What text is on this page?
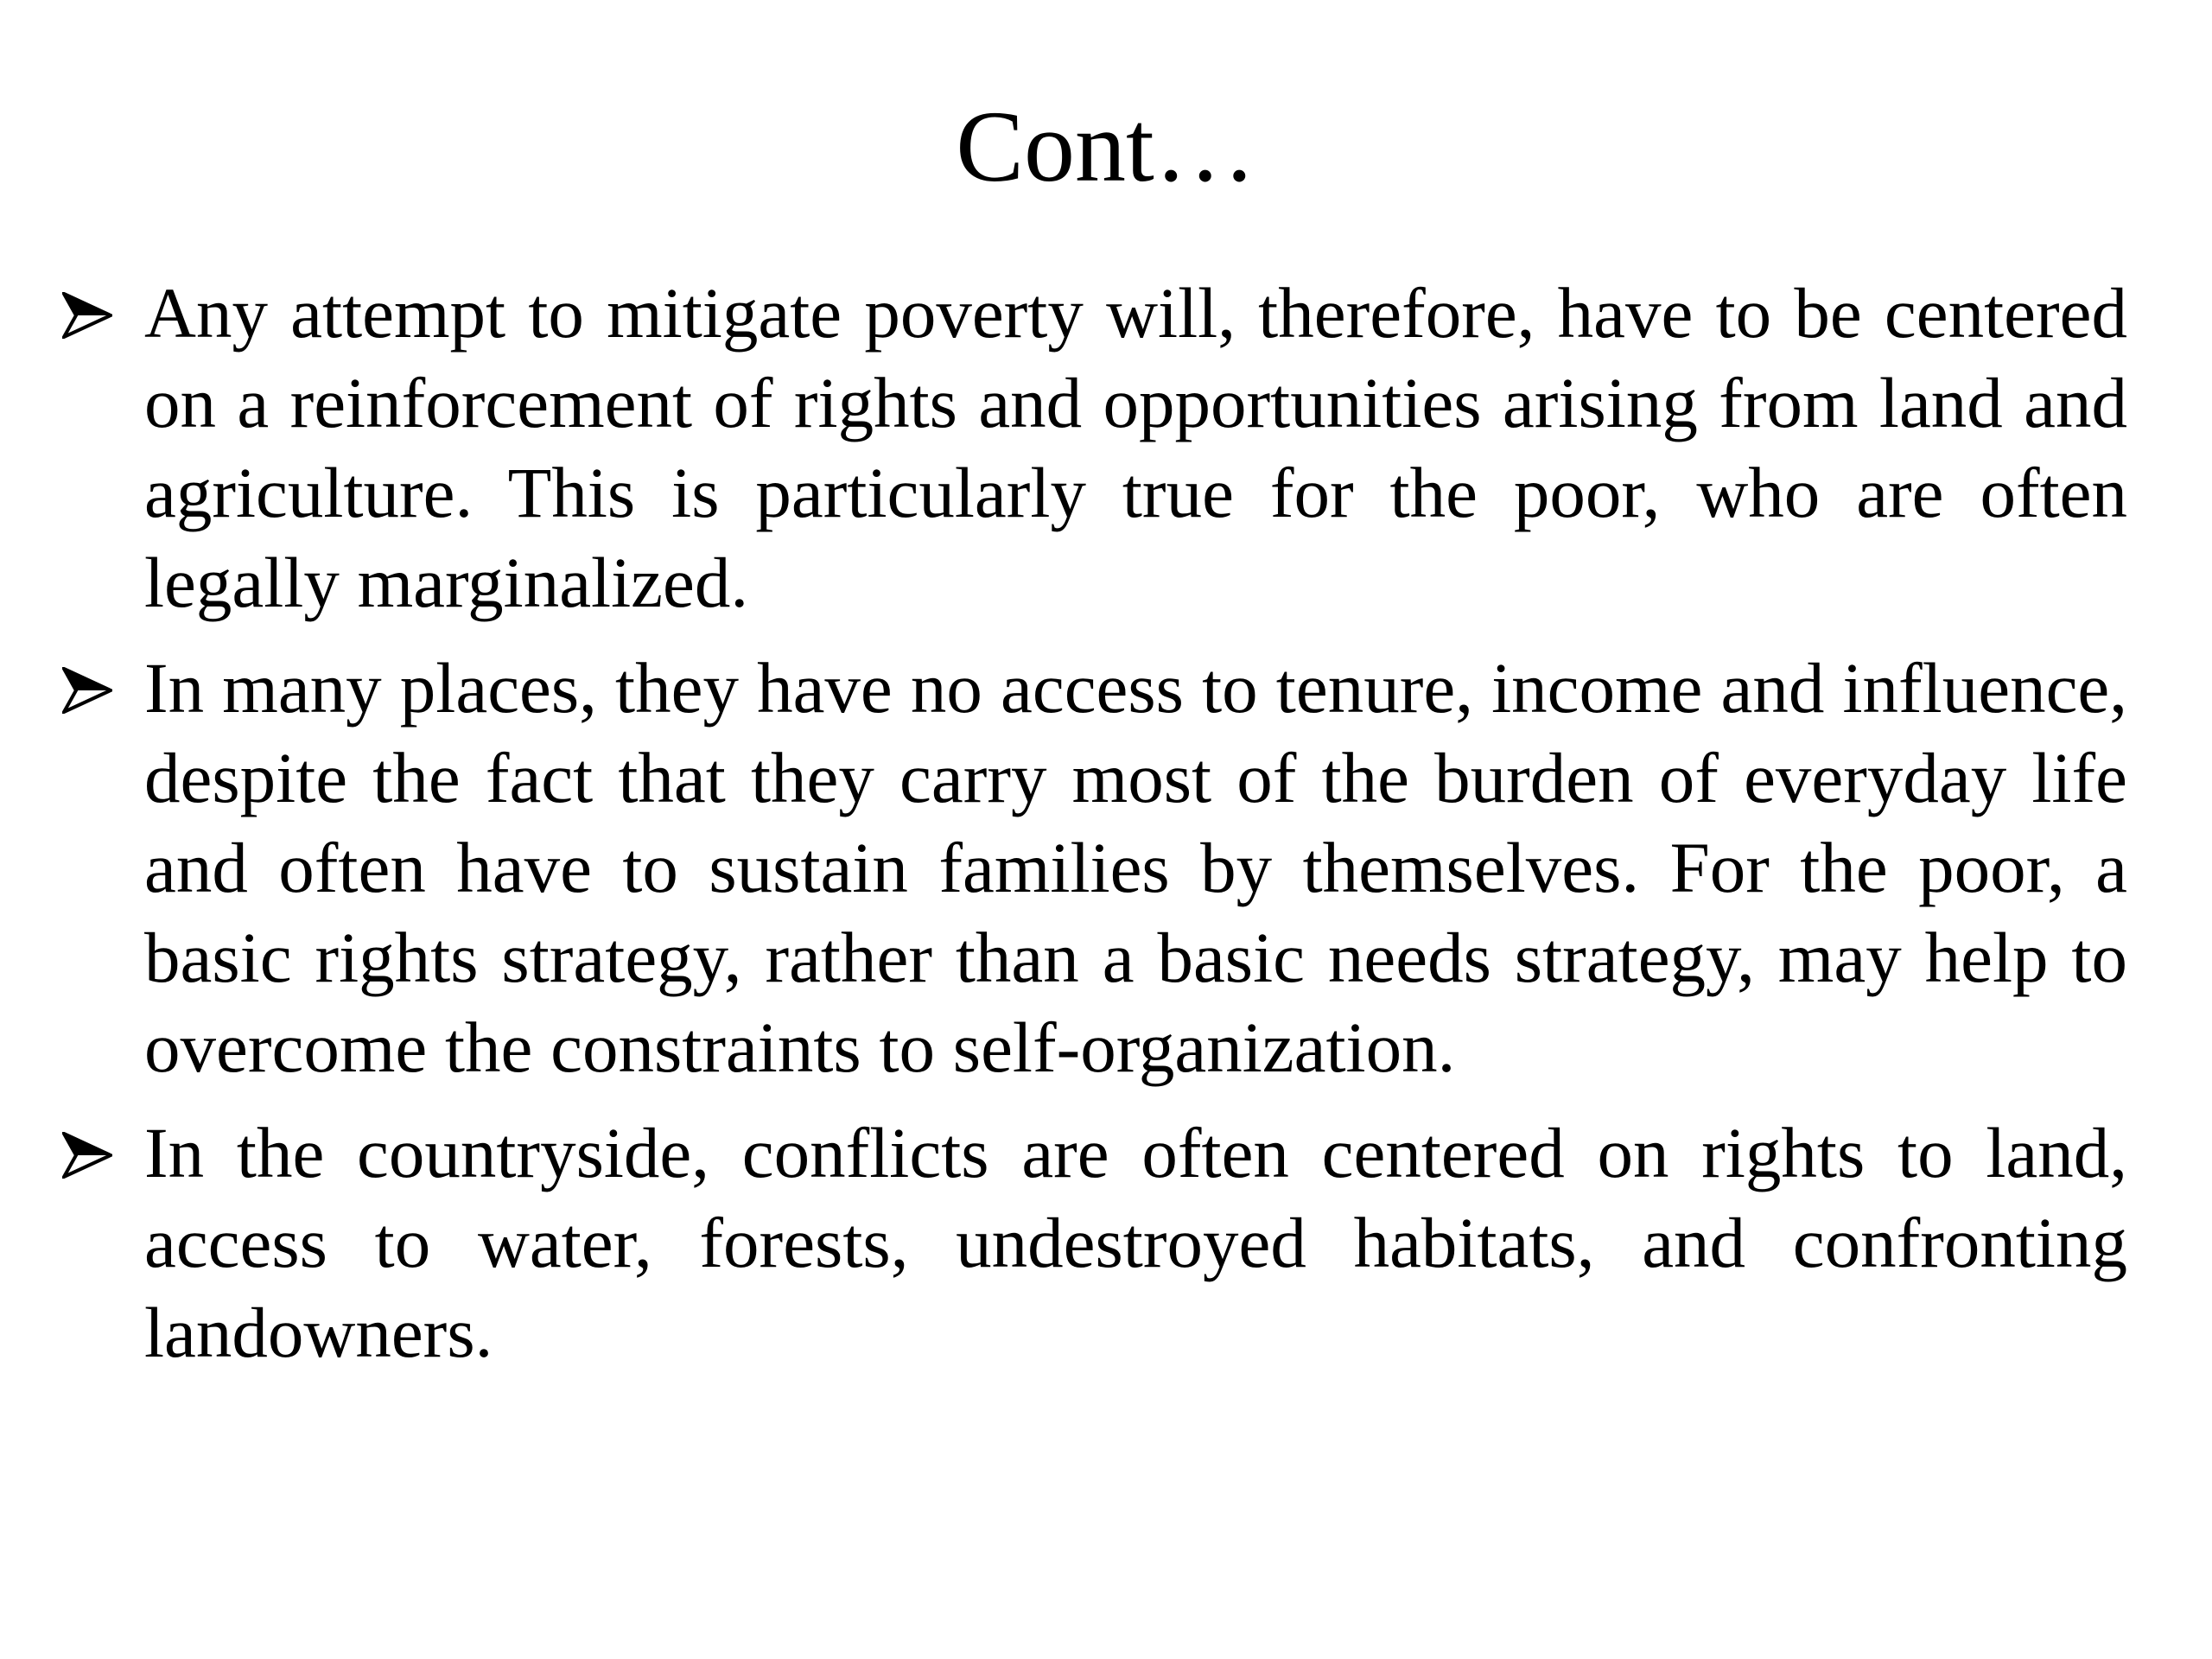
Cont…
Any attempt to mitigate poverty will, therefore, have to be centered on a reinforcement of rights and opportunities arising from land and agriculture. This is particularly true for the poor, who are often legally marginalized.
In many places, they have no access to tenure, income and influence, despite the fact that they carry most of the burden of everyday life and often have to sustain families by themselves. For the poor, a basic rights strategy, rather than a basic needs strategy, may help to overcome the constraints to self-organization.
In the countryside, conflicts are often centered on rights to land, access to water, forests, undestroyed habitats, and confronting landowners.
